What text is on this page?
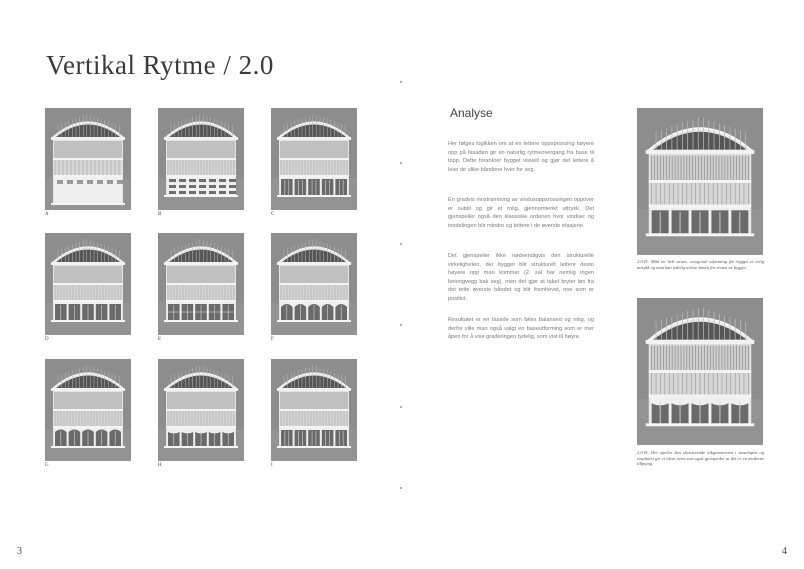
Vertikal Rytme / 2.0
A	B	C
D	E	F
G	H	I
3
Analyse

Her følges logikken om at en tettere oppsprossing høyere opp på fasaden gir en naturlig rytmeovergang fra base til topp. Dette forankrer bygget visuelt og gjør det lettere å lese de ulike båndene hver for seg.

En gradvis innstramming av vindusoppsrossingen oppover er subtil og gir et rolig, gjennomtenkt uttrykk. Det gjenspeiler også den klassiske ordenen hvor vinduer og inndelingen blir mindre og tettere i de øverste etasjene.

Det gjenspeiler ikke nødvendigvis den strukturelle virkeligheten, der bygget blir strukturelt lettere desto høyere opp man kommer (2. sal har nemlig ingen betongvegg bak seg), men det gjør at taket bryter løs fra det tette øverste båndet og blir fremhevet, noe som er positivt.

Resultatet er en fasade som føles balansert og rolig, og derfor ville man også valgt en baseutforming som er mer åpen for å vise graderingen tydelig, som vist til høyre.

2.0-D: Mild en helt stram, ortogonal utforming får bygget et rolig uttrykk og man kan tydelig avlese basen fra resten av bygget.

2.0-H: Her speiles den eksisterende takgeometrien i staselapen og resultatet gir et litem twist som også gjenspeiler at det er en moderne tilføying.

4
